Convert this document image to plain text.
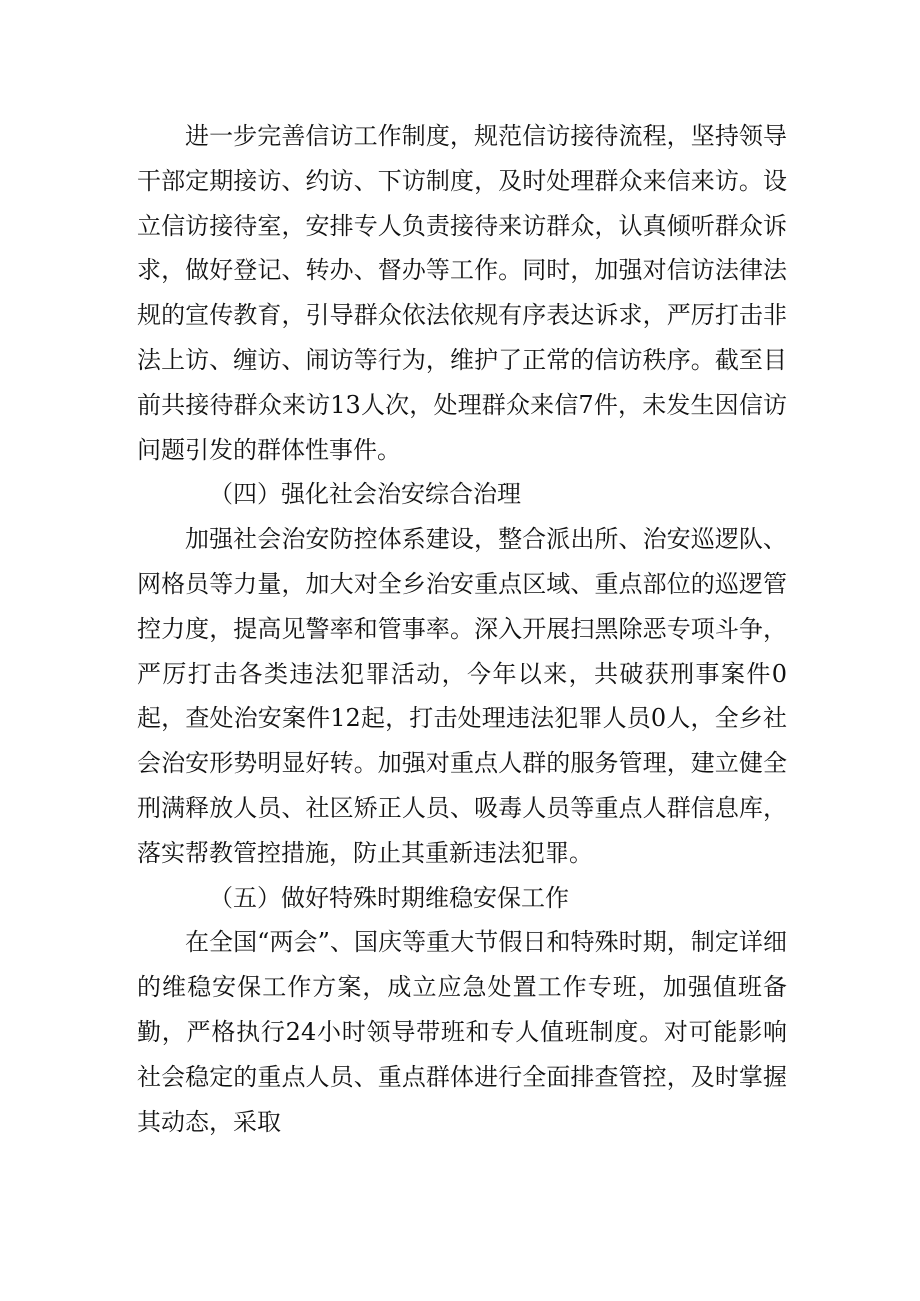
进一步完善信访工作制度，规范信访接待流程，坚持领导干部定期接访、约访、下访制度，及时处理群众来信来访。设立信访接待室，安排专人负责接待来访群众，认真倾听群众诉求，做好登记、转办、督办等工作。同时，加强对信访法律法规的宣传教育，引导群众依法依规有序表达诉求，严厉打击非法上访、缠访、闹访等行为，维护了正常的信访秩序。截至目前共接待群众来访13人次，处理群众来信7件，未发生因信访问题引发的群体性事件。

（四）强化社会治安综合治理

加强社会治安防控体系建设，整合派出所、治安巡逻队、网格员等力量，加大对全乡治安重点区域、重点部位的巡逻管控力度，提高见警率和管事率。深入开展扫黑除恶专项斗争，严厉打击各类违法犯罪活动，今年以来，共破获刑事案件0起，查处治安案件12起，打击处理违法犯罪人员0人，全乡社会治安形势明显好转。加强对重点人群的服务管理，建立健全刑满释放人员、社区矫正人员、吸毒人员等重点人群信息库，落实帮教管控措施，防止其重新违法犯罪。

（五）做好特殊时期维稳安保工作

在全国“两会”、国庆等重大节假日和特殊时期，制定详细的维稳安保工作方案，成立应急处置工作专班，加强值班备勤，严格执行24小时领导带班和专人值班制度。对可能影响社会稳定的重点人员、重点群体进行全面排查管控，及时掌握其动态，采取
